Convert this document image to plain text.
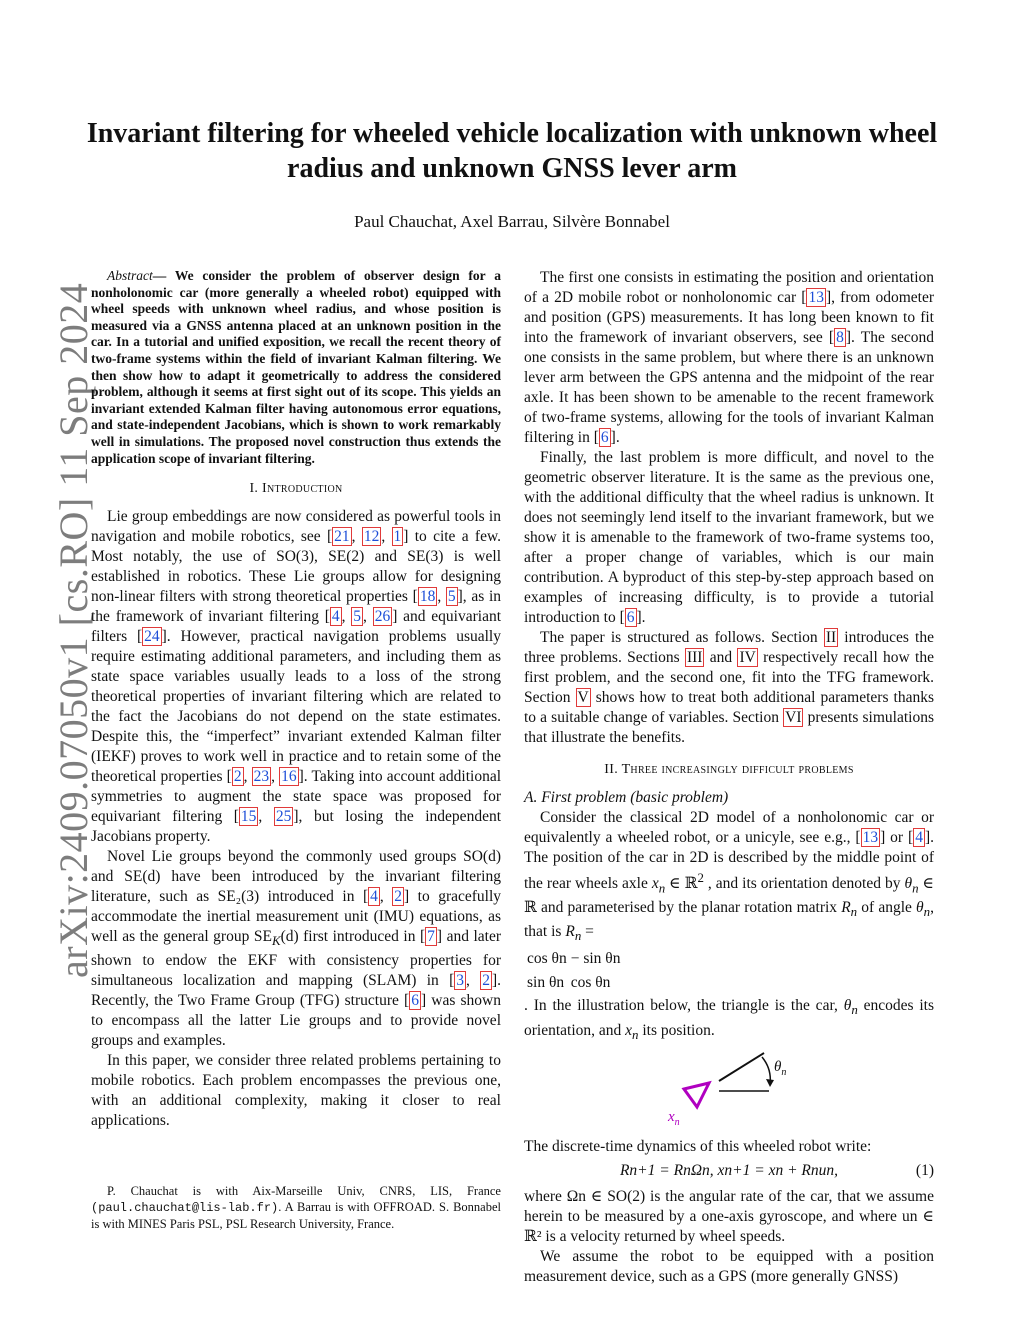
arXiv:2409.07050v1 [cs.RO] 11 Sep 2024
Invariant filtering for wheeled vehicle localization with unknown wheel radius and unknown GNSS lever arm
Paul Chauchat, Axel Barrau, Silvère Bonnabel

Abstract— We consider the problem of observer design for a nonholonomic car (more generally a wheeled robot) equipped with wheel speeds with unknown wheel radius, and whose position is measured via a GNSS antenna placed at an unknown position in the car. In a tutorial and unified exposition, we recall the recent theory of two-frame systems within the field of invariant Kalman filtering. We then show how to adapt it geometrically to address the considered problem, although it seems at first sight out of its scope. This yields an invariant extended Kalman filter having autonomous error equations, and state-independent Jacobians, which is shown to work remarkably well in simulations. The proposed novel construction thus extends the application scope of invariant filtering.

I. Introduction

Lie group embeddings are now considered as powerful tools in navigation and mobile robotics, see [ 21 , 12 , 1 ] to cite a few. Most notably, the use of SO(3), SE(2) and SE(3) is well established in robotics. These Lie groups allow for designing non-linear filters with strong theoretical properties [ 18 , 5 ], as in the framework of invariant filtering [ 4 , 5 , 26 ] and equivariant filters [ 24 ]. However, practical navigation problems usually require estimating additional parameters, and including them as state space variables usually leads to a loss of the strong theoretical properties of invariant filtering which are related to the fact the Jacobians do not depend on the state estimates. Despite this, the “imperfect” invariant extended Kalman filter (IEKF) proves to work well in practice and to retain some of the theoretical properties [ 2 , 23 , 16 ]. Taking into account additional symmetries to augment the state space was proposed for equivariant filtering [ 15 , 25 ], but losing the independent Jacobians property.

Novel Lie groups beyond the commonly used groups SO(d) and SE(d) have been introduced by the invariant filtering literature, such as SE₂(3) introduced in [ 4 , 2 ] to gracefully accommodate the inertial measurement unit (IMU) equations, as well as the general group $SE_K(d)$ first introduced in [ 7 ] and later shown to endow the EKF with consistency properties for simultaneous localization and mapping (SLAM) in [ 3 , 2 ]. Recently, the Two Frame Group (TFG) structure [ 6 ] was shown to encompass all the latter Lie groups and to provide novel groups and examples.

In this paper, we consider three related problems pertaining to mobile robotics. Each problem encompasses the previous one, with an additional complexity, making it closer to real applications.

P. Chauchat is with Aix-Marseille Univ, CNRS, LIS, France (paul.chauchat@lis-lab.fr). A Barrau is with OFFROAD. S. Bonnabel is with MINES Paris PSL, PSL Research University, France.

The first one consists in estimating the position and orientation of a 2D mobile robot or nonholonomic car [ 13 ], from odometer and position (GPS) measurements. It has long been known to fit into the framework of invariant observers, see [ 8 ]. The second one consists in the same problem, but where there is an unknown lever arm between the GPS antenna and the midpoint of the rear axle. It has been shown to be amenable to the recent framework of two-frame systems, allowing for the tools of invariant Kalman filtering in [ 6 ].

Finally, the last problem is more difficult, and novel to the geometric observer literature. It is the same as the previous one, with the additional difficulty that the wheel radius is unknown. It does not seemingly lend itself to the invariant framework, but we show it is amenable to the framework of two-frame systems too, after a proper change of variables, which is our main contribution. A byproduct of this step-by-step approach based on examples of increasing difficulty, is to provide a tutorial introduction to [ 6 ].

The paper is structured as follows. Section II introduces the three problems. Sections III and IV respectively recall how the first problem, and the second one, fit into the TFG framework. Section V shows how to treat both additional parameters thanks to a suitable change of variables. Section VI presents simulations that illustrate the benefits.

II. Three increasingly difficult problems

A. First problem (basic problem)

Consider the classical 2D model of a nonholonomic car or equivalently a wheeled robot, or a unicyle, see e.g., [ 13 ] or [ 4 ]. The position of the car in 2D is described by the middle point of the rear wheels axle $x_n$ ∈ ℝ$^2$ , and its orientation denoted by $\theta_n$ ∈ ℝ and parameterised by the planar rotation matrix $R_n$ of angle $\theta_n$, that is $R_n$ =

cos θn	− sin θn
sin θn	cos θn
. In the illustration below, the triangle is the car, $\theta_n$ encodes its orientation, and $x_n$ its position.

$\theta_n$
$x_n$

The discrete-time dynamics of this wheeled robot write:

Rn+1 = RnΩn, xn+1 = xn + Rnun,	(1)

where Ωn ∈ SO(2) is the angular rate of the car, that we assume herein to be measured by a one-axis gyroscope, and where un ∈ ℝ² is a velocity returned by wheel speeds.

We assume the robot to be equipped with a position measurement device, such as a GPS (more generally GNSS)
